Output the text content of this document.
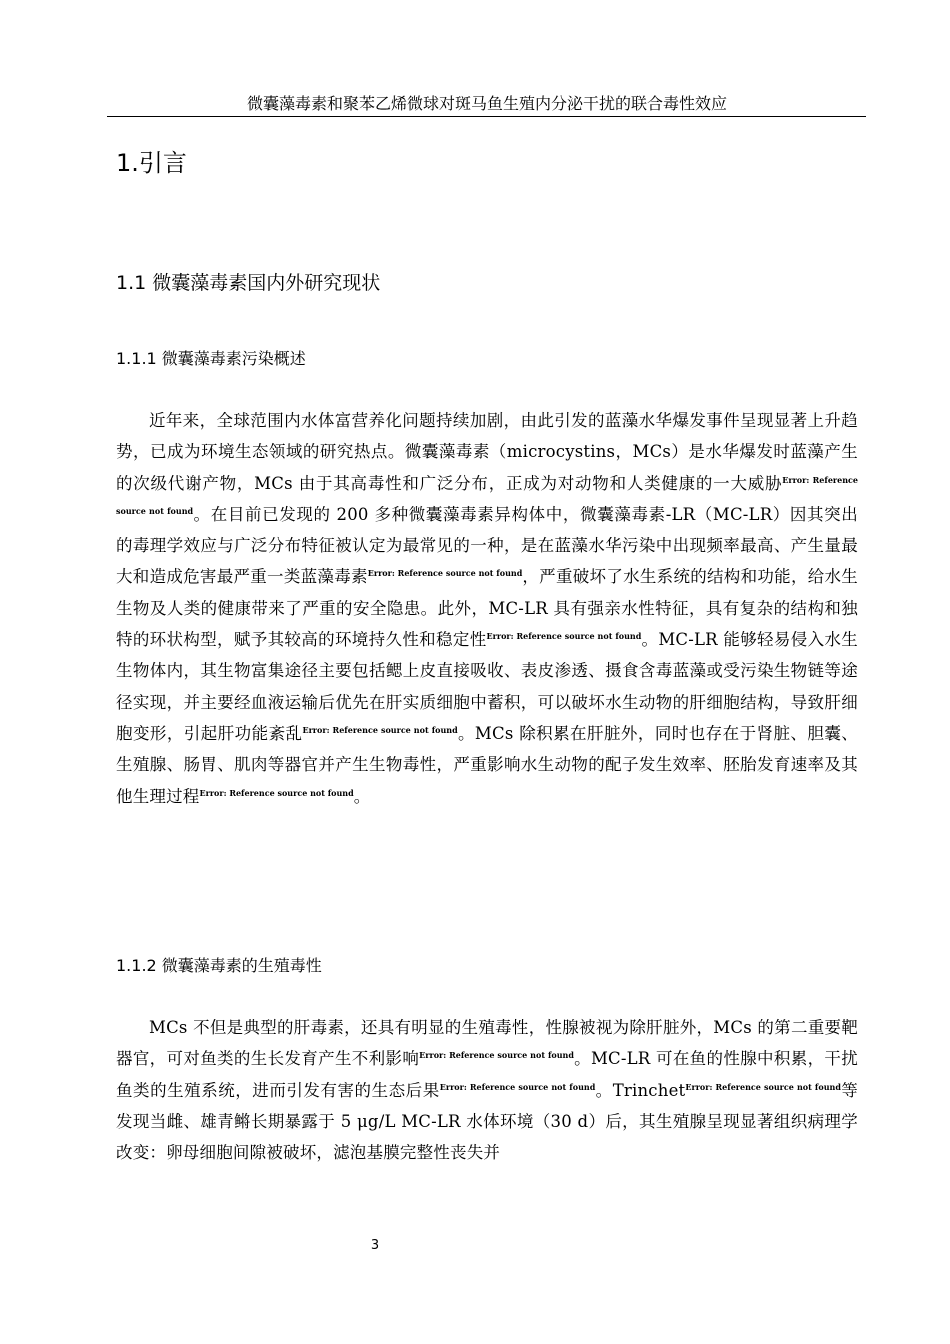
微囊藻毒素和聚苯乙烯微球对斑马鱼生殖内分泌干扰的联合毒性效应
1.引言
1.1 微囊藻毒素国内外研究现状
1.1.1 微囊藻毒素污染概述

近年来，全球范围内水体富营养化问题持续加剧，由此引发的蓝藻水华爆发事件呈现显著上升趋势，已成为环境生态领域的研究热点。微囊藻毒素（microcystins，MCs）是水华爆发时蓝藻产生的次级代谢产物，MCs 由于其高毒性和广泛分布，正成为对动物和人类健康的一大威胁$^{Error: Reference source not found}$。在目前已发现的 200 多种微囊藻毒素异构体中，微囊藻毒素-LR（MC-LR）因其突出的毒理学效应与广泛分布特征被认定为最常见的一种，是在蓝藻水华污染中出现频率最高、产生量最大和造成危害最严重一类蓝藻毒素$^{Error: Reference source not found}$，严重破坏了水生系统的结构和功能，给水生生物及人类的健康带来了严重的安全隐患。此外，MC-LR 具有强亲水性特征，具有复杂的结构和独特的环状构型，赋予其较高的环境持久性和稳定性$^{Error: Reference source not found}$。MC-LR 能够轻易侵入水生生物体内，其生物富集途径主要包括鳃上皮直接吸收、表皮渗透、摄食含毒蓝藻或受污染生物链等途径实现，并主要经血液运输后优先在肝实质细胞中蓄积，可以破坏水生动物的肝细胞结构，导致肝细胞变形，引起肝功能紊乱$^{Error: Reference source not found}$。MCs 除积累在肝脏外，同时也存在于肾脏、胆囊、生殖腺、肠胃、肌肉等器官并产生生物毒性，严重影响水生动物的配子发生效率、胚胎发育速率及其他生理过程$^{Error: Reference source not found}$。

1.1.2 微囊藻毒素的生殖毒性

MCs 不但是典型的肝毒素，还具有明显的生殖毒性，性腺被视为除肝脏外，MCs 的第二重要靶器官，可对鱼类的生长发育产生不利影响$^{Error: Reference source not found}$。MC-LR 可在鱼的性腺中积累，干扰鱼类的生殖系统，进而引发有害的生态后果$^{Error: Reference source not found}$。Trinchet$^{Error: Reference source not found}$等发现当雌、雄青鳉长期暴露于 5 μg/L MC-LR 水体环境（30 d）后，其生殖腺呈现显著组织病理学改变：卵母细胞间隙被破坏，滤泡基膜完整性丧失并

3
